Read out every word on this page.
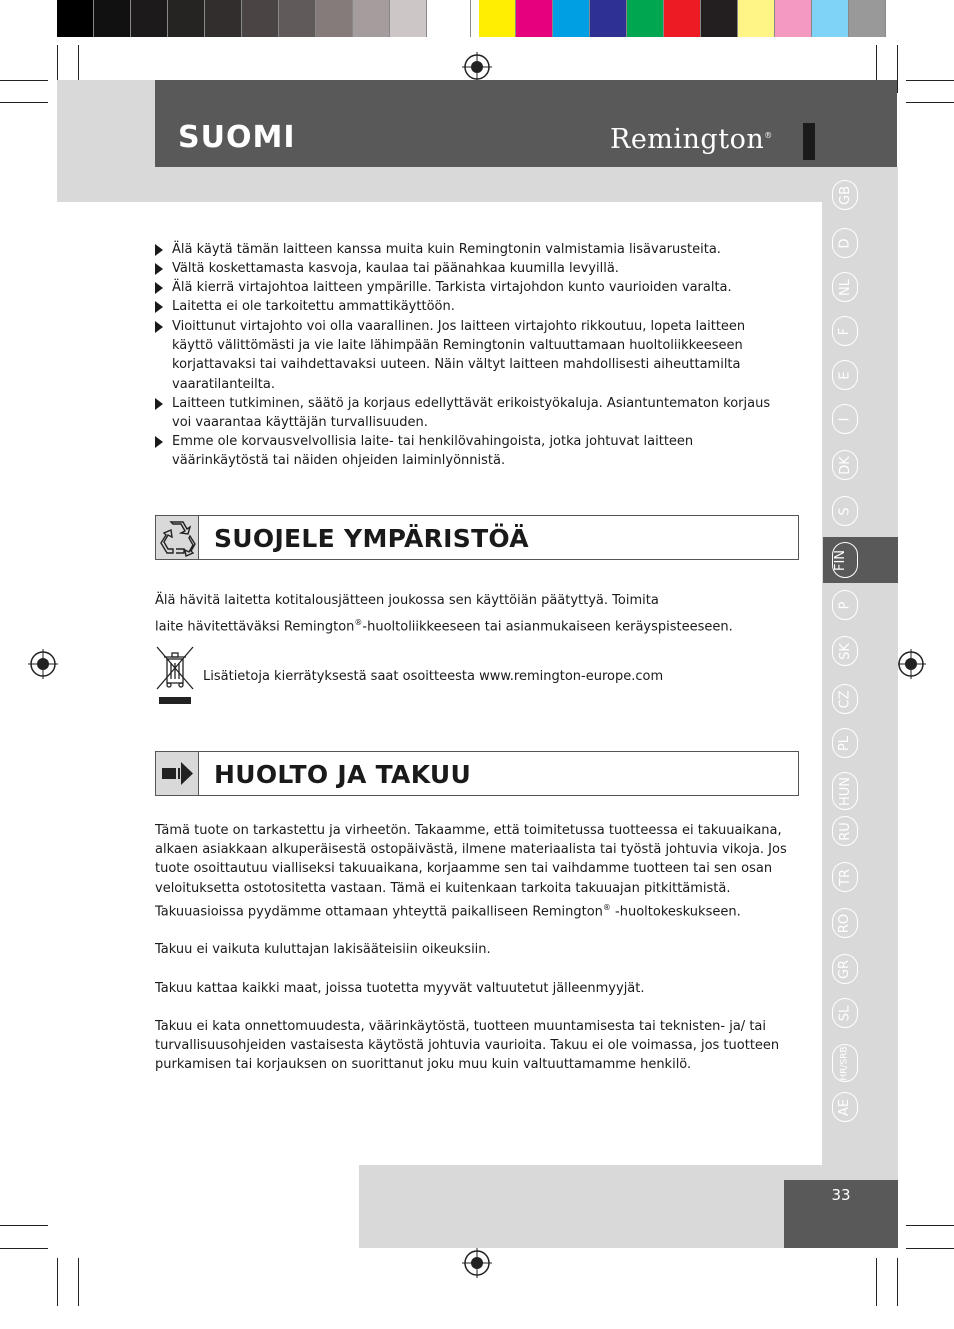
SUOMI	Remington®
GB
D
NL
F
E
I
DK
S
FIN
P
SK
CZ
PL
HUN
RU
TR
RO
GR
SL
HR/SRB
AE
Älä käytä tämän laitteen kanssa muita kuin Remingtonin valmistamia lisävarusteita.
Vältä koskettamasta kasvoja, kaulaa tai päänahkaa kuumilla levyillä.
Älä kierrä virtajohtoa laitteen ympärille. Tarkista virtajohdon kunto vaurioiden varalta.
Laitetta ei ole tarkoitettu ammattikäyttöön.
Vioittunut virtajohto voi olla vaarallinen. Jos laitteen virtajohto rikkoutuu, lopeta laitteen käyttö välittömästi ja vie laite lähimpään Remingtonin valtuuttamaan huoltoliikkeeseen korjattavaksi tai vaihdettavaksi uuteen. Näin vältyt laitteen mahdollisesti aiheuttamilta vaaratilanteilta.
Laitteen tutkiminen, säätö ja korjaus edellyttävät erikoistyökaluja. Asiantuntematon korjaus voi vaarantaa käyttäjän turvallisuuden.
Emme ole korvausvelvollisia laite- tai henkilövahingoista, jotka johtuvat laitteen väärinkäytöstä tai näiden ohjeiden laiminlyönnistä.
SUOJELE YMPÄRISTÖÄ
Älä hävitä laitetta kotitalousjätteen joukossa sen käyttöiän päätyttyä. Toimita
laite hävitettäväksi Remington®-huoltoliikkeeseen tai asianmukaiseen keräyspisteeseen.
Lisätietoja kierrätyksestä saat osoitteesta www.remington-europe.com
HUOLTO JA TAKUU
Tämä tuote on tarkastettu ja virheetön. Takaamme, että toimitetussa tuotteessa ei takuuaikana, alkaen asiakkaan alkuperäisestä ostopäivästä, ilmene materiaalista tai työstä johtuvia vikoja. Jos tuote osoittautuu vialliseksi takuuaikana, korjaamme sen tai vaihdamme tuotteen tai sen osan veloituksetta ostotositetta vastaan. Tämä ei kuitenkaan tarkoita takuuajan pitkittämistä.
Takuuasioissa pyydämme ottamaan yhteyttä paikalliseen Remington® -huoltokeskukseen.
Takuu ei vaikuta kuluttajan lakisääteisiin oikeuksiin.
Takuu kattaa kaikki maat, joissa tuotetta myyvät valtuutetut jälleenmyyjät.
Takuu ei kata onnettomuudesta, väärinkäytöstä, tuotteen muuntamisesta tai teknisten- ja/ tai turvallisuusohjeiden vastaisesta käytöstä johtuvia vaurioita. Takuu ei ole voimassa, jos tuotteen purkamisen tai korjauksen on suorittanut joku muu kuin valtuuttamamme henkilö.
33
